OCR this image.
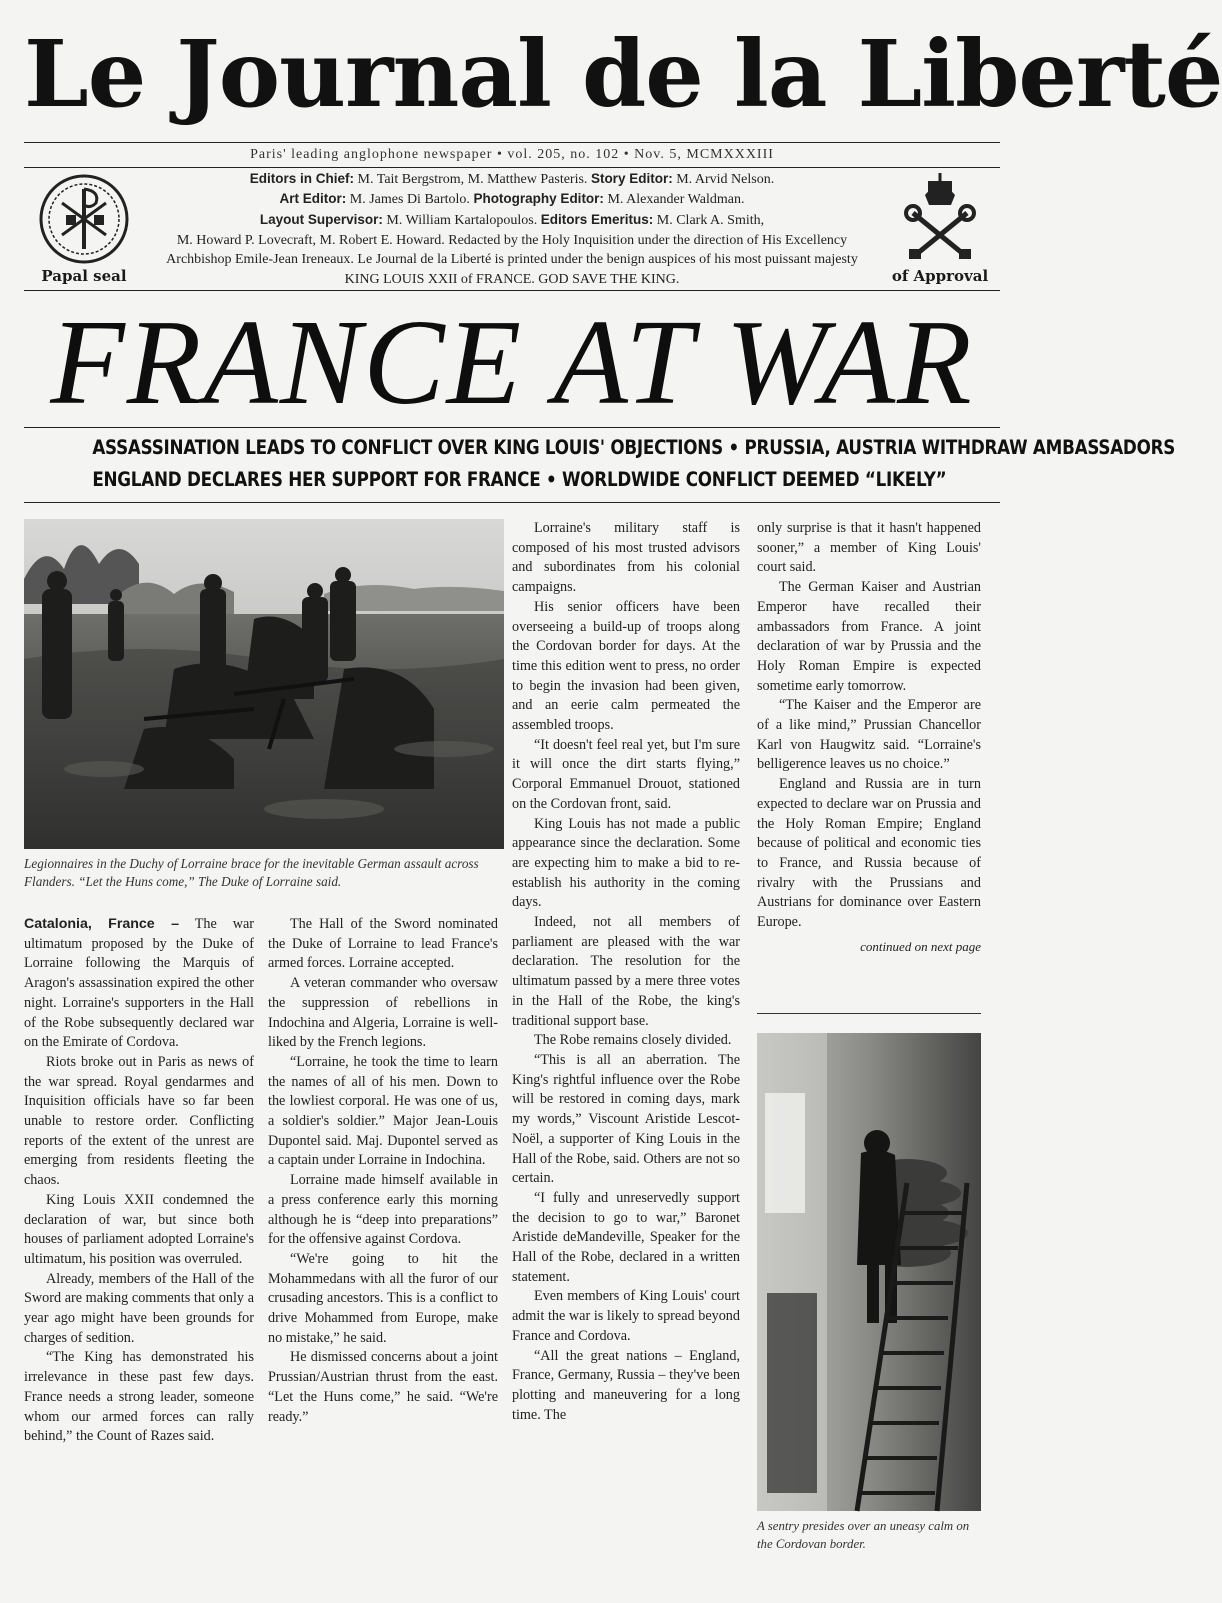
Le Journal de la Liberté
Paris' leading anglophone newspaper • vol. 205, no. 102 • Nov. 5, MCMXXXIII
Papal seal
Editors in Chief: M. Tait Bergstrom, M. Matthew Pasteris. Story Editor: M. Arvid Nelson.
Art Editor: M. James Di Bartolo. Photography Editor: M. Alexander Waldman.
Layout Supervisor: M. William Kartalopoulos. Editors Emeritus: M. Clark A. Smith,
M. Howard P. Lovecraft, M. Robert E. Howard. Redacted by the Holy Inquisition under the direction of His Excellency Archbishop Emile-Jean Ireneaux. Le Journal de la Liberté is printed under the benign auspices of his most puissant majesty KING LOUIS XXII of FRANCE. GOD SAVE THE KING.	of Approval
FRANCE AT WAR
ASSASSINATION LEADS TO CONFLICT OVER KING LOUIS' OBJECTIONS • PRUSSIA, AUSTRIA WITHDRAW AMBASSADORS
ENGLAND DECLARES HER SUPPORT FOR FRANCE • WORLDWIDE CONFLICT DEEMED “LIKELY”
Legionnaires in the Duchy of Lorraine brace for the inevitable German assault across Flanders. “Let the Huns come,” The Duke of Lorraine said.

Catalonia, France – The war ultimatum proposed by the Duke of Lorraine following the Marquis of Aragon's assassination expired the other night. Lorraine's supporters in the Hall of the Robe subsequently declared war on the Emirate of Cordova.

Riots broke out in Paris as news of the war spread. Royal gendarmes and Inquisition officials have so far been unable to restore order. Conflicting reports of the extent of the unrest are emerging from residents fleeting the chaos.

King Louis XXII condemned the declaration of war, but since both houses of parliament adopted Lorraine's ultimatum, his position was overruled.

Already, members of the Hall of the Sword are making comments that only a year ago might have been grounds for charges of sedition.

“The King has demonstrated his irrelevance in these past few days. France needs a strong leader, someone whom our armed forces can rally behind,” the Count of Razes said.

The Hall of the Sword nominated the Duke of Lorraine to lead France's armed forces. Lorraine accepted.

A veteran commander who oversaw the suppression of rebellions in Indochina and Algeria, Lorraine is well-liked by the French legions.

“Lorraine, he took the time to learn the names of all of his men. Down to the lowliest corporal. He was one of us, a soldier's soldier.” Major Jean-Louis Dupontel said. Maj. Dupontel served as a captain under Lorraine in Indochina.

Lorraine made himself available in a press conference early this morning although he is “deep into preparations” for the offensive against Cordova.

“We're going to hit the Mohammedans with all the furor of our crusading ancestors. This is a conflict to drive Mohammed from Europe, make no mistake,” he said.

He dismissed concerns about a joint Prussian/Austrian thrust from the east. “Let the Huns come,” he said. “We're ready.”

Lorraine's military staff is composed of his most trusted advisors and subordinates from his colonial campaigns.

His senior officers have been overseeing a build-up of troops along the Cordovan border for days. At the time this edition went to press, no order to begin the invasion had been given, and an eerie calm permeated the assembled troops.

“It doesn't feel real yet, but I'm sure it will once the dirt starts flying,” Corporal Emmanuel Drouot, stationed on the Cordovan front, said.

King Louis has not made a public appearance since the declaration. Some are expecting him to make a bid to re-establish his authority in the coming days.

Indeed, not all members of parliament are pleased with the war declaration. The resolution for the ultimatum passed by a mere three votes in the Hall of the Robe, the king's traditional support base.

The Robe remains closely divided.

“This is all an aberration. The King's rightful influence over the Robe will be restored in coming days, mark my words,” Viscount Aristide Lescot-Noël, a supporter of King Louis in the Hall of the Robe, said. Others are not so certain.

“I fully and unreservedly support the decision to go to war,” Baronet Aristide deMandeville, Speaker for the Hall of the Robe, declared in a written statement.

Even members of King Louis' court admit the war is likely to spread beyond France and Cordova.

“All the great nations – England, France, Germany, Russia – they've been plotting and maneuvering for a long time. The

only surprise is that it hasn't happened sooner,” a member of King Louis' court said.

The German Kaiser and Austrian Emperor have recalled their ambassadors from France. A joint declaration of war by Prussia and the Holy Roman Empire is expected sometime early tomorrow.

“The Kaiser and the Emperor are of a like mind,” Prussian Chancellor Karl von Haugwitz said. “Lorraine's belligerence leaves us no choice.”

England and Russia are in turn expected to declare war on Prussia and the Holy Roman Empire; England because of political and economic ties to France, and Russia because of rivalry with the Prussians and Austrians for dominance over Eastern Europe.

continued on next page
A sentry presides over an uneasy calm on the Cordovan border.
